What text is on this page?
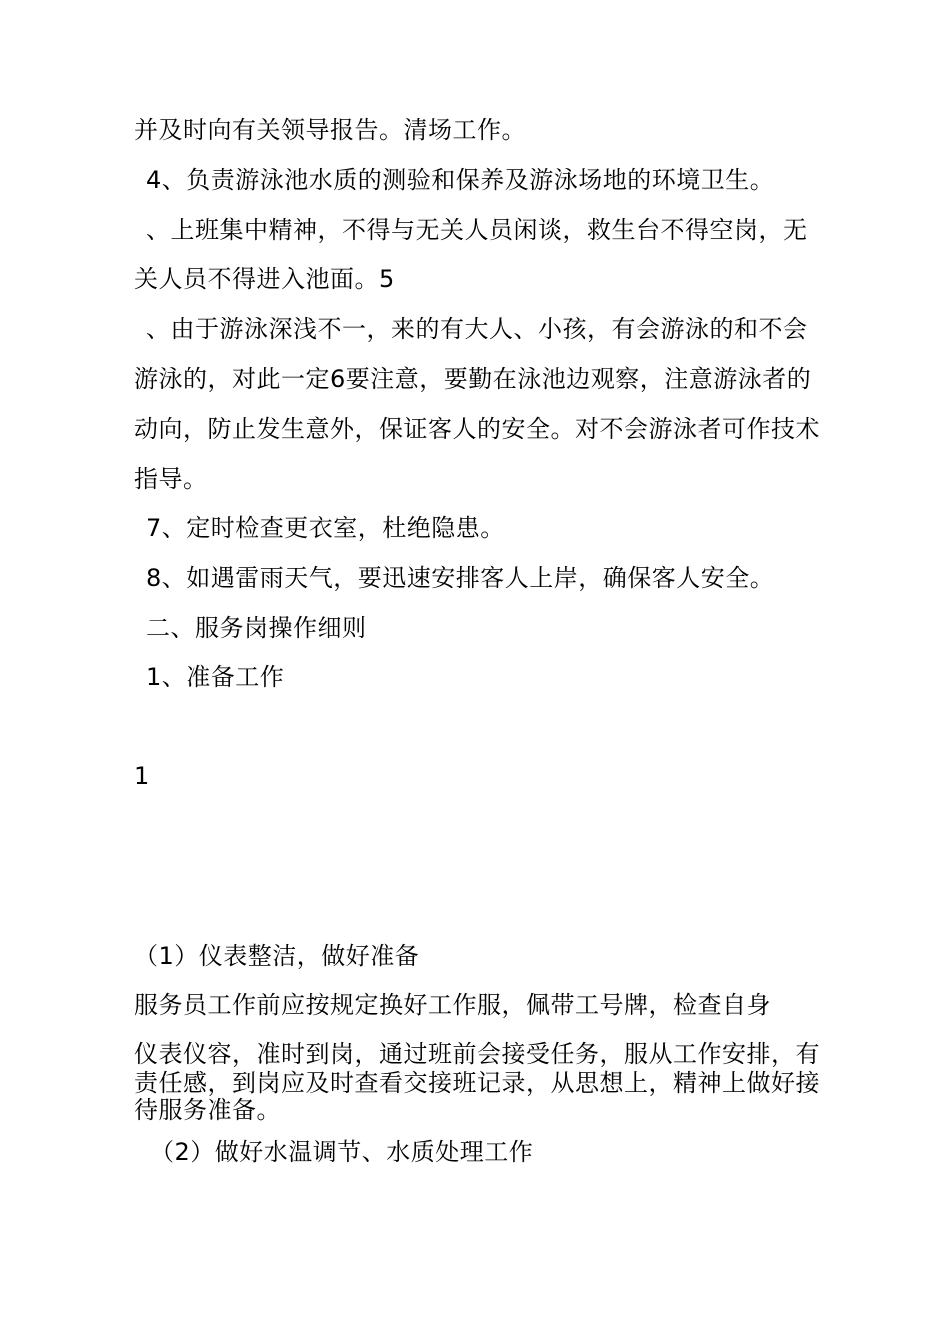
并及时向有关领导报告。清场工作。
4、负责游泳池水质的测验和保养及游泳场地的环境卫生。
、上班集中精神，不得与无关人员闲谈，救生台不得空岗，无
关人员不得进入池面。5
、由于游泳深浅不一，来的有大人、小孩，有会游泳的和不会
游泳的，对此一定6要注意，要勤在泳池边观察，注意游泳者的
动向，防止发生意外，保证客人的安全。对不会游泳者可作技术
指导。
7、定时检查更衣室，杜绝隐患。
8、如遇雷雨天气，要迅速安排客人上岸，确保客人安全。
二、服务岗操作细则
1、准备工作
1
（1）仪表整洁，做好准备
服务员工作前应按规定换好工作服，佩带工号牌，检查自身
仪表仪容，准时到岗，通过班前会接受任务，服从工作安排，有
责任感，到岗应及时查看交接班记录，从思想上，精神上做好接
待服务准备。
（2）做好水温调节、水质处理工作
